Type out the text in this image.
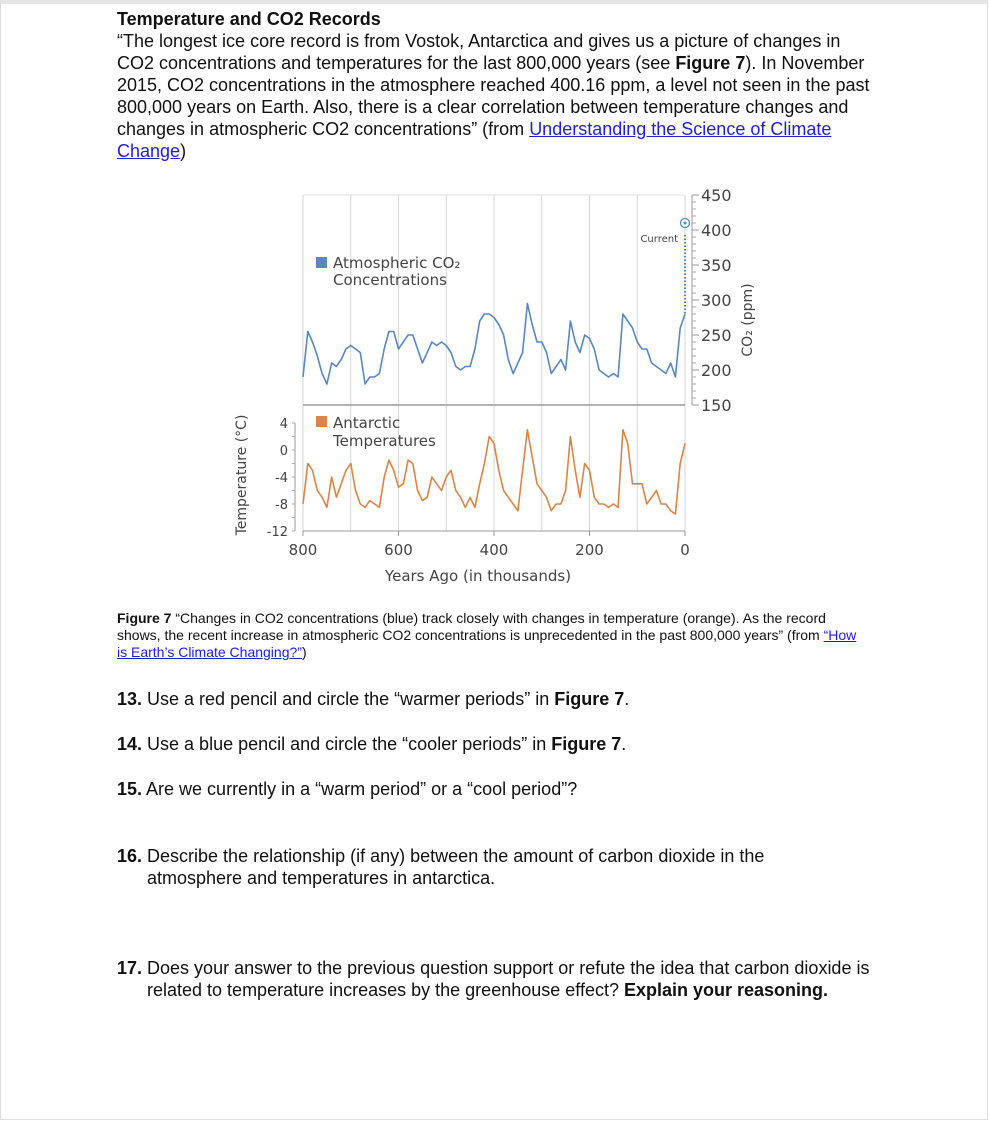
Temperature and CO2 Records
“The longest ice core record is from Vostok, Antarctica and gives us a picture of changes in CO2 concentrations and temperatures for the last 800,000 years (see Figure 7). In November 2015, CO2 concentrations in the atmosphere reached 400.16 ppm, a level not seen in the past 800,000 years on Earth. Also, there is a clear correlation between temperature changes and changes in atmospheric CO2 concentrations” (from Understanding the Science of Climate Change)
800	600	400	200	0
450
400
350
300
250
200
150
4
0
-4
-8
-12
Atmospheric CO₂
Concentrations
Antarctic
Temperatures
Current
Years Ago (in thousands)
Temperature (°C)
CO₂ (ppm)
Figure 7 “Changes in CO2 concentrations (blue) track closely with changes in temperature (orange). As the record shows, the recent increase in atmospheric CO2 concentrations is unprecedented in the past 800,000 years” (from “How is Earth’s Climate Changing?”)
13. Use a red pencil and circle the “warmer periods” in Figure 7.
14. Use a blue pencil and circle the “cooler periods” in Figure 7.
15. Are we currently in a “warm period” or a “cool period”?
16. Describe the relationship (if any) between the amount of carbon dioxide in the atmosphere and temperatures in antarctica.
17. Does your answer to the previous question support or refute the idea that carbon dioxide is related to temperature increases by the greenhouse effect? Explain your reasoning.
